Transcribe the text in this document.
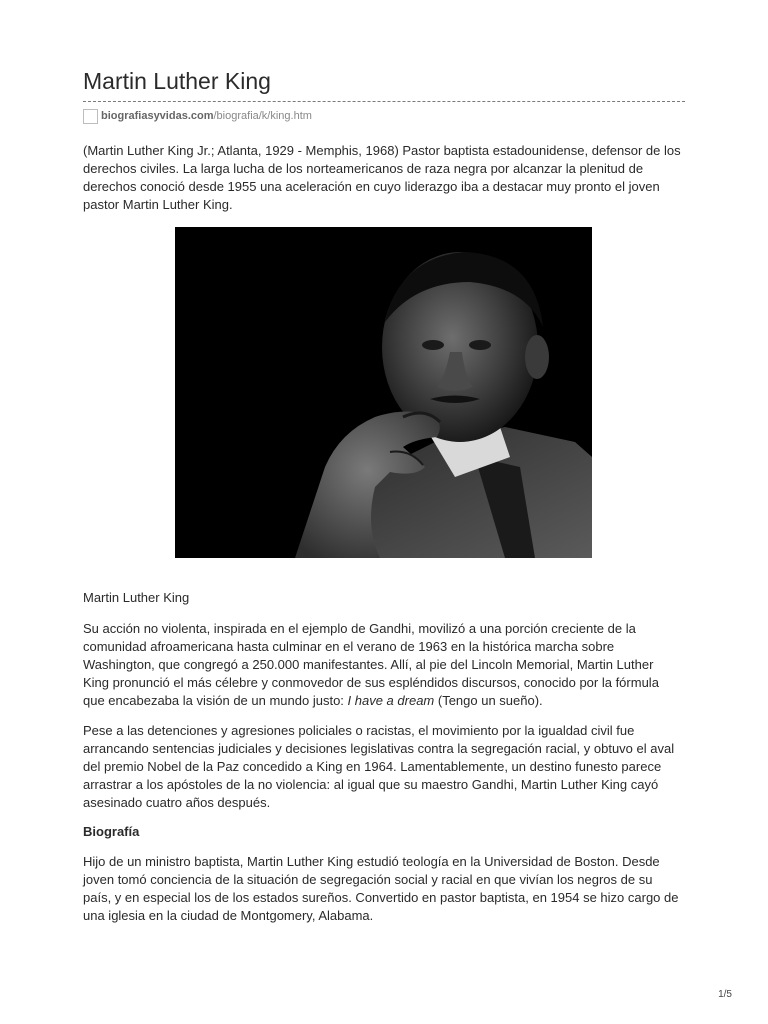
Martin Luther King
biografiasyvidas.com /biografia/k/king.htm

(Martin Luther King Jr.; Atlanta, 1929 - Memphis, 1968) Pastor baptista estadounidense, defensor de los derechos civiles. La larga lucha de los norteamericanos de raza negra por alcanzar la plenitud de derechos conoció desde 1955 una aceleración en cuyo liderazgo iba a destacar muy pronto el joven pastor Martin Luther King.

Martin Luther King

Su acción no violenta, inspirada en el ejemplo de Gandhi, movilizó a una porción creciente de la comunidad afroamericana hasta culminar en el verano de 1963 en la histórica marcha sobre Washington, que congregó a 250.000 manifestantes. Allí, al pie del Lincoln Memorial, Martin Luther King pronunció el más célebre y conmovedor de sus espléndidos discursos, conocido por la fórmula que encabezaba la visión de un mundo justo: I have a dream (Tengo un sueño).

Pese a las detenciones y agresiones policiales o racistas, el movimiento por la igualdad civil fue arrancando sentencias judiciales y decisiones legislativas contra la segregación racial, y obtuvo el aval del premio Nobel de la Paz concedido a King en 1964. Lamentablemente, un destino funesto parece arrastrar a los apóstoles de la no violencia: al igual que su maestro Gandhi, Martin Luther King cayó asesinado cuatro años después.

Biografía

Hijo de un ministro baptista, Martin Luther King estudió teología en la Universidad de Boston. Desde joven tomó conciencia de la situación de segregación social y racial en que vivían los negros de su país, y en especial los de los estados sureños. Convertido en pastor baptista, en 1954 se hizo cargo de una iglesia en la ciudad de Montgomery, Alabama.

1/5
